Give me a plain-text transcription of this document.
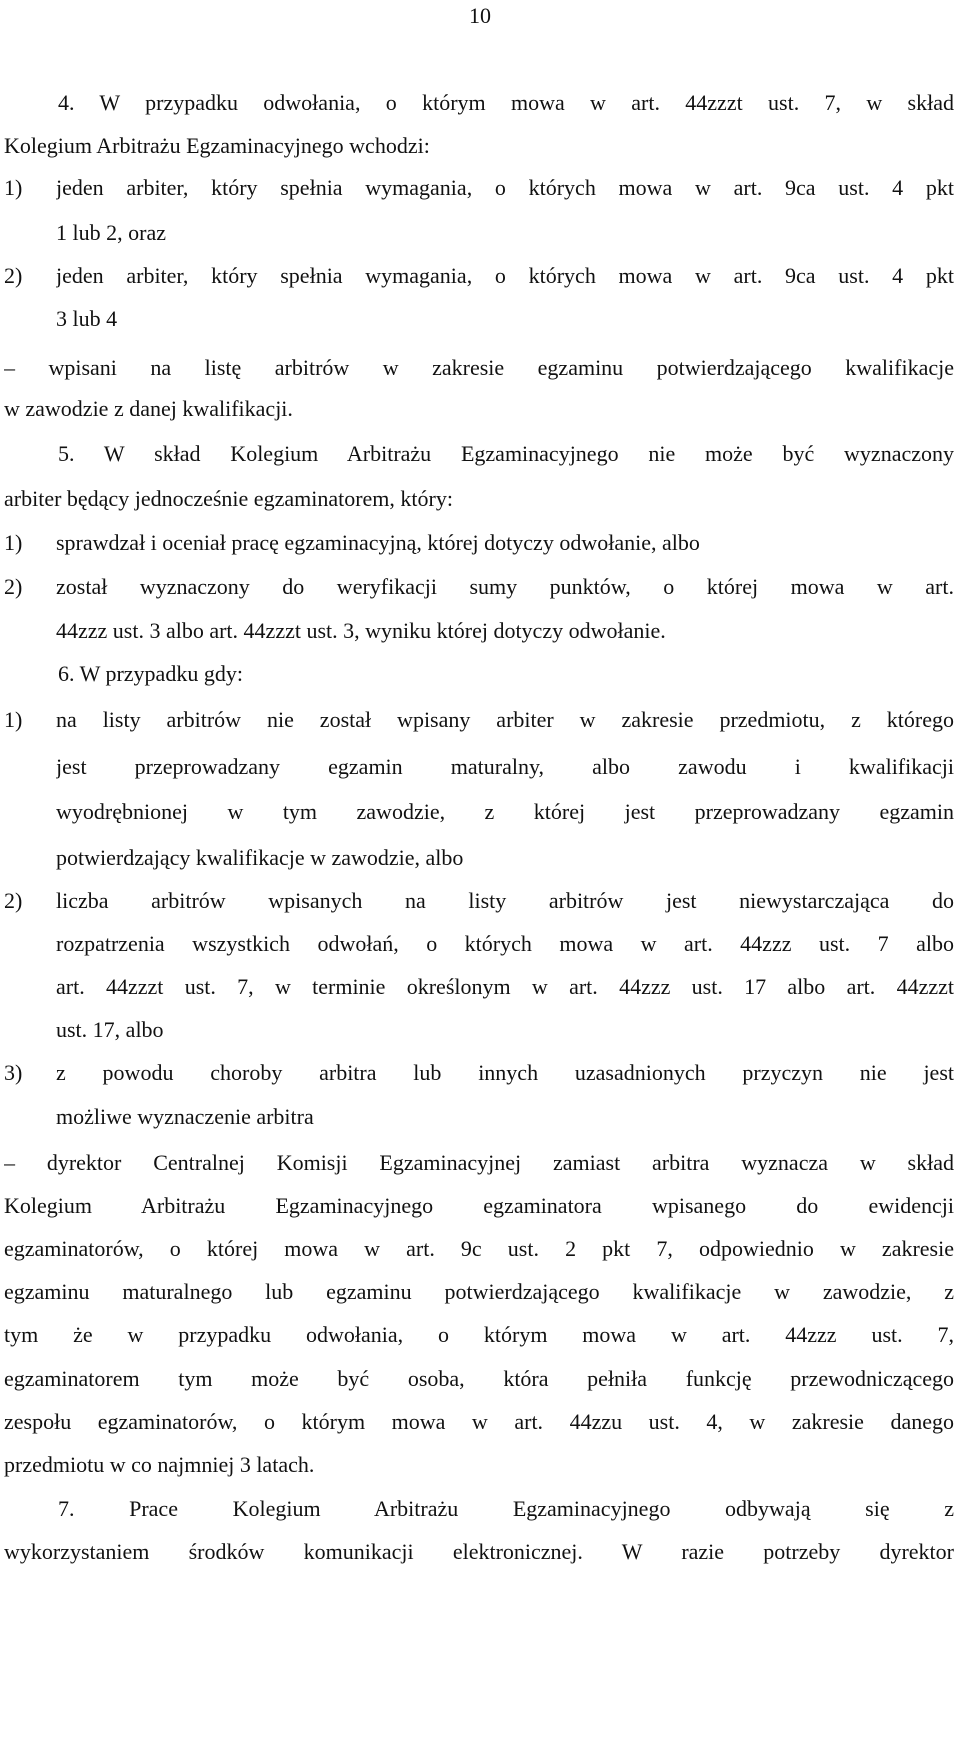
10
4. W przypadku odwołania, o którym mowa w art. 44zzzt ust. 7, w skład
Kolegium Arbitrażu Egzaminacyjnego wchodzi:
1) jeden arbiter, który spełnia wymagania, o których mowa w art. 9ca ust. 4 pkt
1 lub 2, oraz
2) jeden arbiter, który spełnia wymagania, o których mowa w art. 9ca ust. 4 pkt
3 lub 4
– wpisani na listę arbitrów w zakresie egzaminu potwierdzającego kwalifikacje
w zawodzie z danej kwalifikacji.
5. W skład Kolegium Arbitrażu Egzaminacyjnego nie może być wyznaczony
arbiter będący jednocześnie egzaminatorem, który:
1) sprawdzał i oceniał pracę egzaminacyjną, której dotyczy odwołanie, albo
2) został wyznaczony do weryfikacji sumy punktów, o której mowa w art.
44zzz ust. 3 albo art. 44zzzt ust. 3, wyniku której dotyczy odwołanie.
6. W przypadku gdy:
1) na listy arbitrów nie został wpisany arbiter w zakresie przedmiotu, z którego
jest przeprowadzany egzamin maturalny, albo zawodu i kwalifikacji
wyodrębnionej w tym zawodzie, z której jest przeprowadzany egzamin
potwierdzający kwalifikacje w zawodzie, albo
2) liczba arbitrów wpisanych na listy arbitrów jest niewystarczająca do
rozpatrzenia wszystkich odwołań, o których mowa w art. 44zzz ust. 7 albo
art. 44zzzt ust. 7, w terminie określonym w art. 44zzz ust. 17 albo art. 44zzzt
ust. 17, albo
3) z powodu choroby arbitra lub innych uzasadnionych przyczyn nie jest
możliwe wyznaczenie arbitra
– dyrektor Centralnej Komisji Egzaminacyjnej zamiast arbitra wyznacza w skład
Kolegium Arbitrażu Egzaminacyjnego egzaminatora wpisanego do ewidencji
egzaminatorów, o której mowa w art. 9c ust. 2 pkt 7, odpowiednio w zakresie
egzaminu maturalnego lub egzaminu potwierdzającego kwalifikacje w zawodzie, z
tym że w przypadku odwołania, o którym mowa w art. 44zzz ust. 7,
egzaminatorem tym może być osoba, która pełniła funkcję przewodniczącego
zespołu egzaminatorów, o którym mowa w art. 44zzu ust. 4, w zakresie danego
przedmiotu w co najmniej 3 latach.
7. Prace Kolegium Arbitrażu Egzaminacyjnego odbywają się z
wykorzystaniem środków komunikacji elektronicznej. W razie potrzeby dyrektor
